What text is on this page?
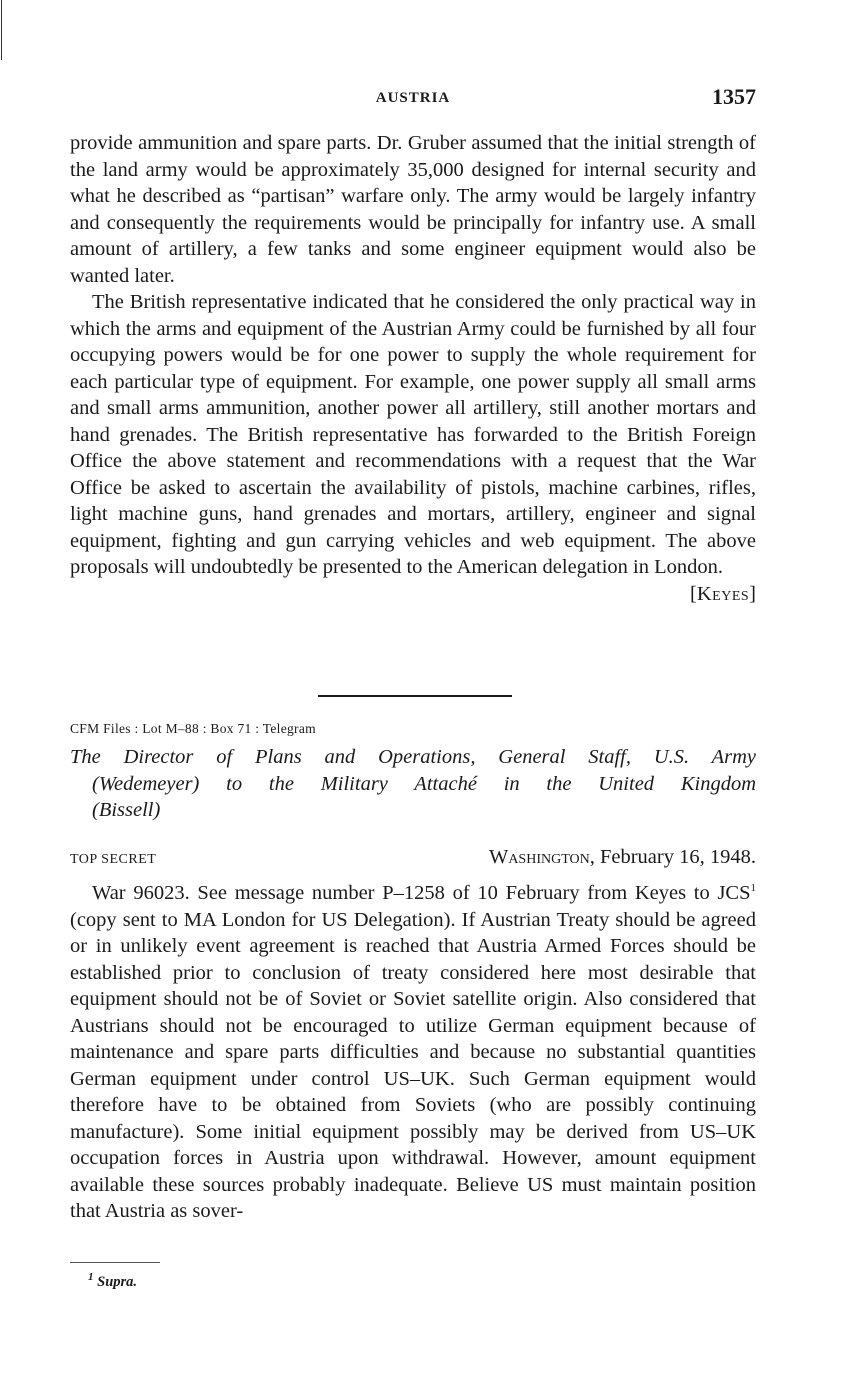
AUSTRIA	1357

provide ammunition and spare parts. Dr. Gruber assumed that the initial strength of the land army would be approximately 35,000 designed for internal security and what he described as “partisan” warfare only. The army would be largely infantry and consequently the requirements would be principally for infantry use. A small amount of artillery, a few tanks and some engineer equipment would also be wanted later.

The British representative indicated that he considered the only practical way in which the arms and equipment of the Austrian Army could be furnished by all four occupying powers would be for one power to supply the whole requirement for each particular type of equipment. For example, one power supply all small arms and small arms ammunition, another power all artillery, still another mortars and hand grenades. The British representative has forwarded to the British Foreign Office the above statement and recommendations with a request that the War Office be asked to ascertain the availability of pistols, machine carbines, rifles, light machine guns, hand grenades and mortars, artillery, engineer and signal equipment, fighting and gun carrying vehicles and web equipment. The above proposals will undoubtedly be presented to the American delegation in London.

[Keyes]

CFM Files : Lot M–88 : Box 71 : Telegram
The Director of Plans and Operations, General Staff, U.S. Army
(Wedemeyer) to the Military Attaché in the United Kingdom
(Bissell)
TOP SECRET	Washington, February 16, 1948.

War 96023. See message number P–1258 of 10 February from Keyes to JCS$^1$ (copy sent to MA London for US Delegation). If Austrian Treaty should be agreed or in unlikely event agreement is reached that Austria Armed Forces should be established prior to conclusion of treaty considered here most desirable that equipment should not be of Soviet or Soviet satellite origin. Also considered that Austrians should not be encouraged to utilize German equipment because of maintenance and spare parts difficulties and because no substantial quantities German equipment under control US–UK. Such German equipment would therefore have to be obtained from Soviets (who are possibly continuing manufacture). Some initial equipment possibly may be derived from US–UK occupation forces in Austria upon withdrawal. However, amount equipment available these sources probably inadequate. Believe US must maintain position that Austria as sover-

$^1$ Supra.
